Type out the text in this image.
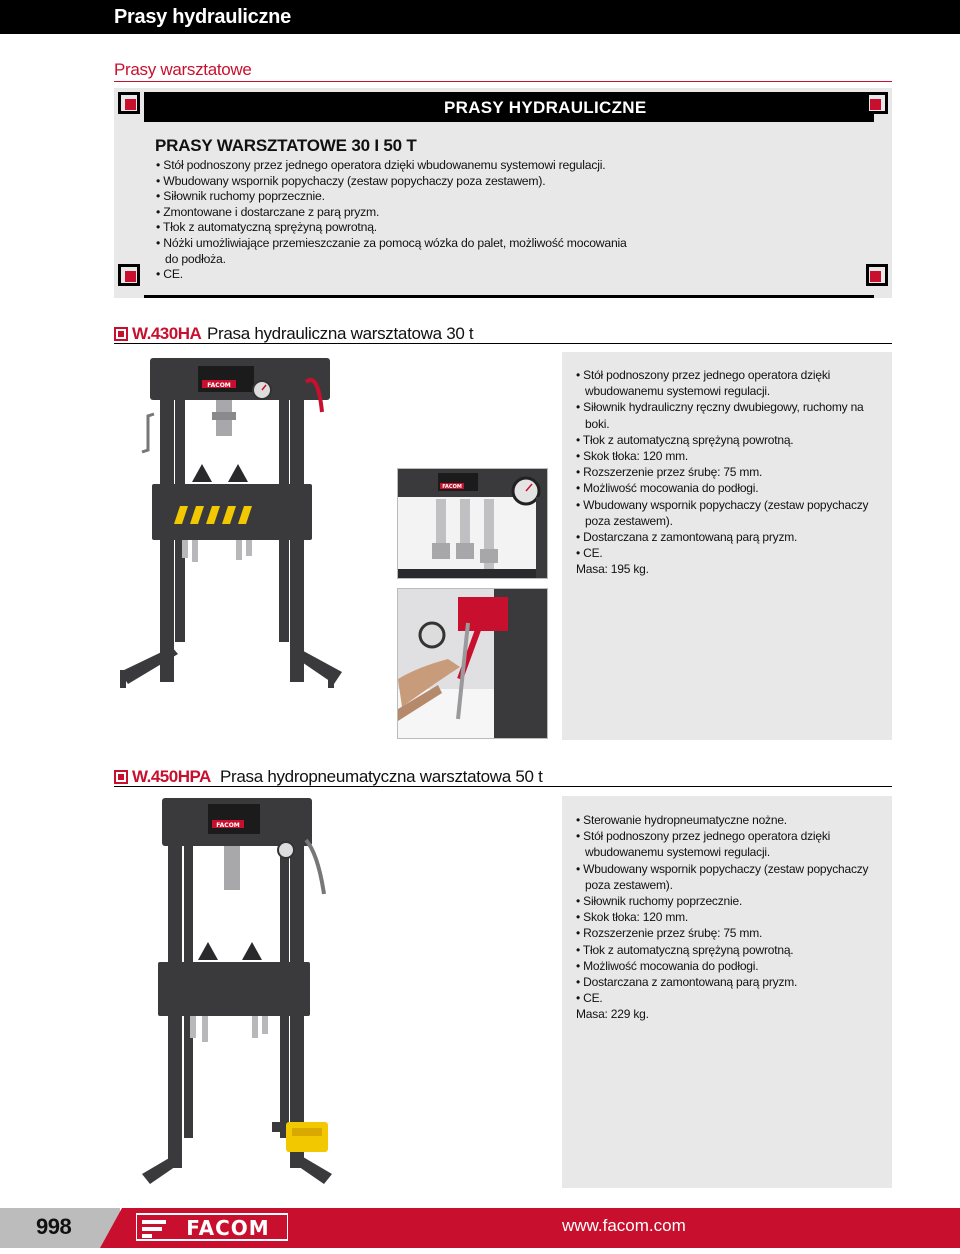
Prasy hydrauliczne
Prasy warsztatowe
PRASY HYDRAULICZNE
PRASY WARSZTATOWE 30 I 50 T
• Stół podnoszony przez jednego operatora dzięki wbudowanemu systemowi regulacji.
• Wbudowany wspornik popychaczy (zestaw popychaczy poza zestawem).
• Siłownik ruchomy poprzecznie.
• Zmontowane i dostarczane z parą pryzm.
• Tłok z automatyczną sprężyną powrotną.
• Nóżki umożliwiające przemieszczanie za pomocą wózka do palet, możliwość mocowania do podłoża.
• CE.
W.430HA Prasa hydrauliczna warsztatowa 30 t
• Stół podnoszony przez jednego operatora dzięki wbudowanemu systemowi regulacji.
• Siłownik hydrauliczny ręczny dwubiegowy, ruchomy na boki.
• Tłok z automatyczną sprężyną powrotną.
• Skok tłoka: 120 mm.
• Rozszerzenie przez śrubę: 75 mm.
• Możliwość mocowania do podłogi.
• Wbudowany wspornik popychaczy (zestaw popychaczy poza zestawem).
• Dostarczana z zamontowaną parą pryzm.
• CE.
Masa: 195 kg.
FACOM
FACOM
W.450HPA Prasa hydropneumatyczna warsztatowa 50 t
• Sterowanie hydropneumatyczne nożne.
• Stół podnoszony przez jednego operatora dzięki wbudowanemu systemowi regulacji.
• Wbudowany wspornik popychaczy (zestaw popychaczy poza zestawem).
• Siłownik ruchomy poprzecznie.
• Skok tłoka: 120 mm.
• Rozszerzenie przez śrubę: 75 mm.
• Tłok z automatyczną sprężyną powrotną.
• Możliwość mocowania do podłogi.
• Dostarczana z zamontowaną parą pryzm.
• CE.
Masa: 229 kg.
FACOM
998	FACOM	www.facom.com
